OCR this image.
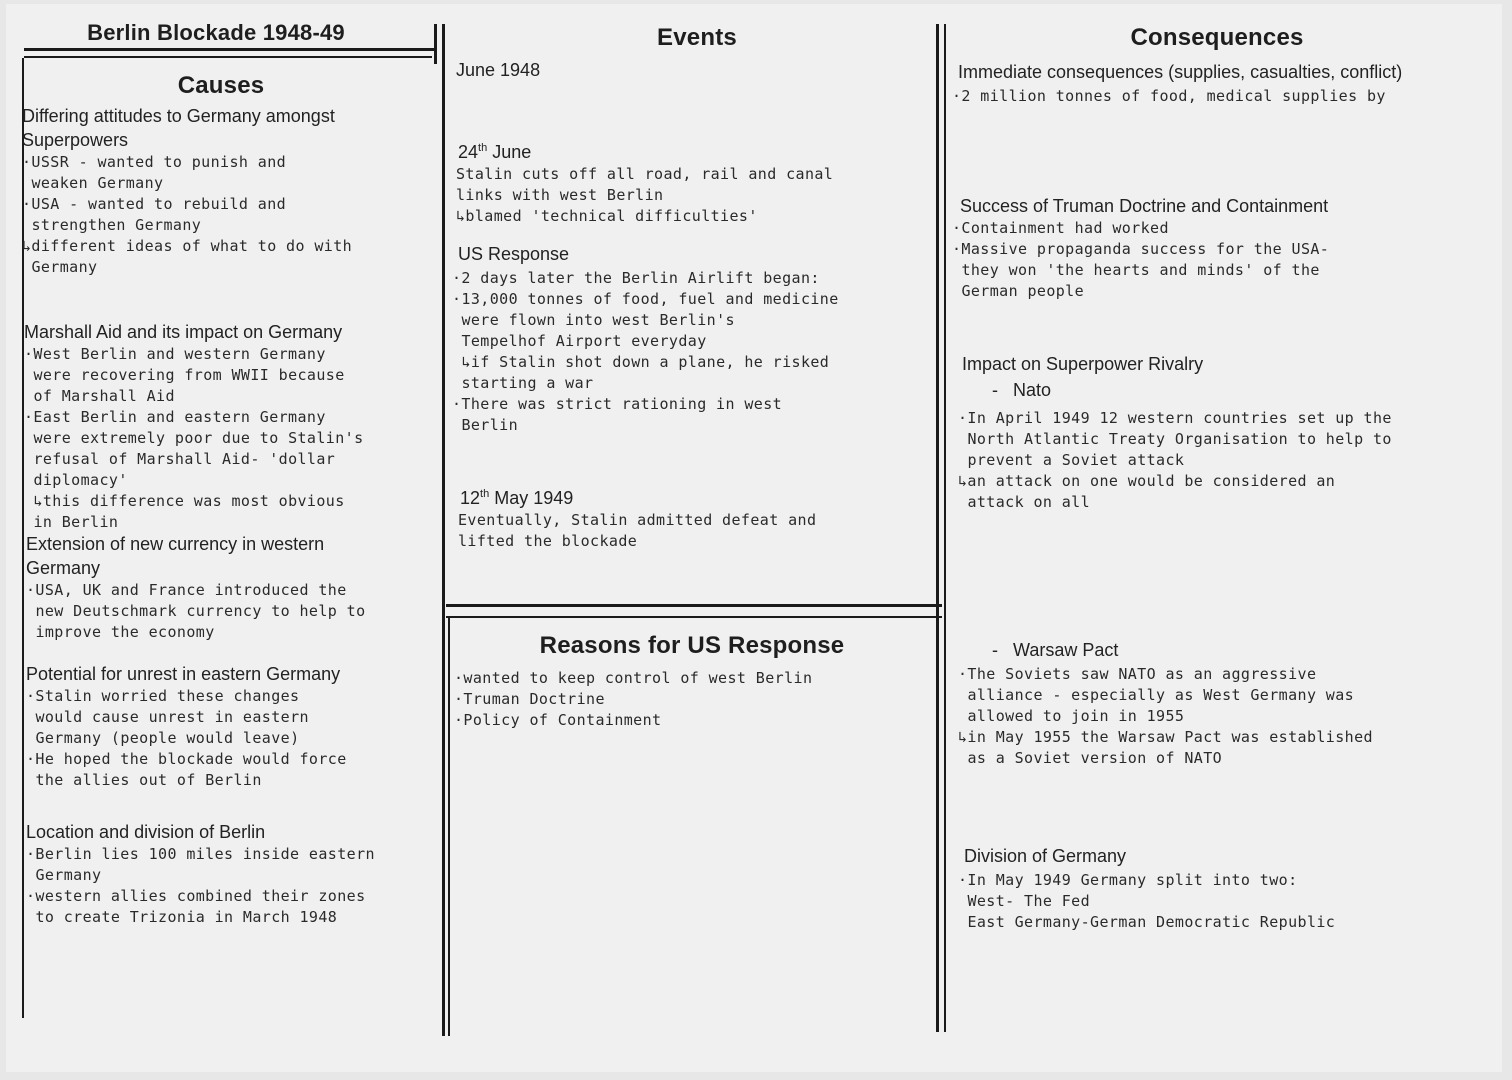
Berlin Blockade 1948-49
Causes
Differing attitudes to Germany amongst Superpowers
·USSR - wanted to punish and
weaken Germany
·USA - wanted to rebuild and
strengthen Germany
↳different ideas of what to do with
Germany
Marshall Aid and its impact on Germany
·West Berlin and western Germany
were recovering from WWII because
of Marshall Aid
·East Berlin and eastern Germany
were extremely poor due to Stalin's
refusal of Marshall Aid- 'dollar
diplomacy'
↳this difference was most obvious
in Berlin
Extension of new currency in western Germany
·USA, UK and France introduced the
new Deutschmark currency to help to
improve the economy
Potential for unrest in eastern Germany
·Stalin worried these changes
would cause unrest in eastern
Germany (people would leave)
·He hoped the blockade would force
the allies out of Berlin
Location and division of Berlin
·Berlin lies 100 miles inside eastern
Germany
·western allies combined their zones
to create Trizonia in March 1948
Events
June 1948
24th June
Stalin cuts off all road, rail and canal
links with west Berlin
↳blamed 'technical difficulties'
US Response
·2 days later the Berlin Airlift began:
·13,000 tonnes of food, fuel and medicine
were flown into west Berlin's
Tempelhof Airport everyday
↳if Stalin shot down a plane, he risked
starting a war
·There was strict rationing in west
Berlin
12th May 1949
Eventually, Stalin admitted defeat and
lifted the blockade
Reasons for US Response
·wanted to keep control of west Berlin
·Truman Doctrine
·Policy of Containment
Consequences
Immediate consequences (supplies, casualties, conflict)
·2 million tonnes of food, medical supplies by
Success of Truman Doctrine and Containment
·Containment had worked
·Massive propaganda success for the USA-
they won 'the hearts and minds' of the
German people
Impact on Superpower Rivalry
-   Nato
·In April 1949 12 western countries set up the
North Atlantic Treaty Organisation to help to
prevent a Soviet attack
↳an attack on one would be considered an
attack on all
-   Warsaw Pact
·The Soviets saw NATO as an aggressive
alliance - especially as West Germany was
allowed to join in 1955
↳in May 1955 the Warsaw Pact was established
as a Soviet version of NATO
Division of Germany
·In May 1949 Germany split into two:
West- The Fed
East Germany-German Democratic Republic
